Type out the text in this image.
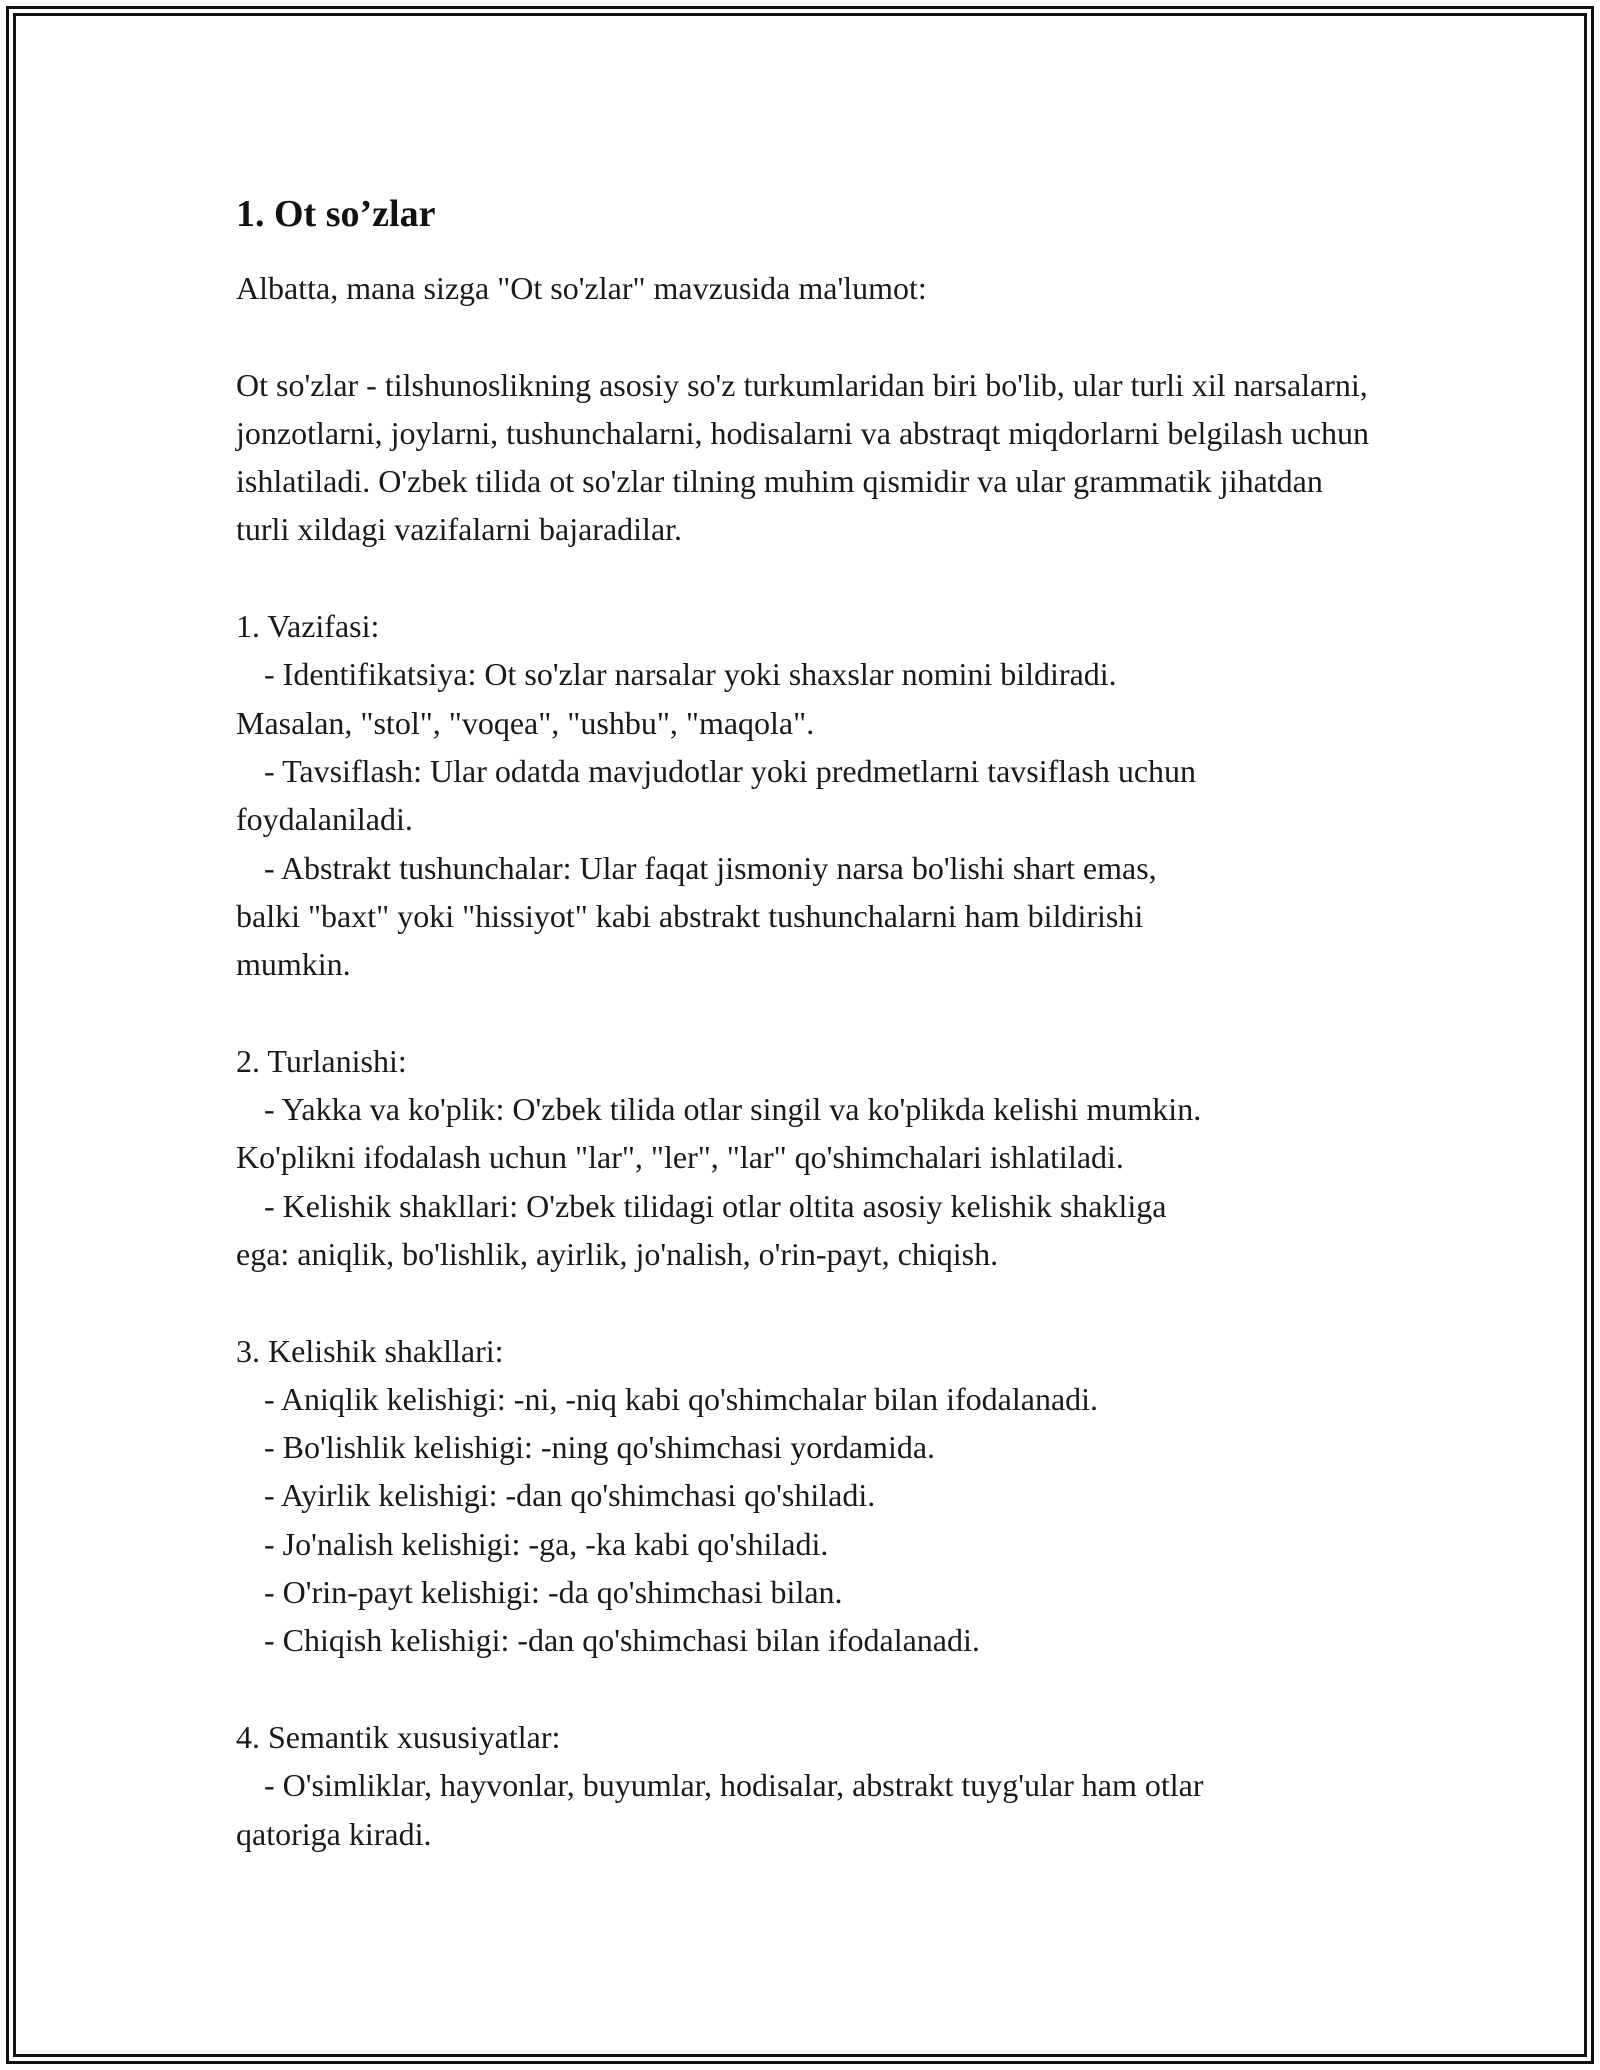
1. Ot so’zlar

Albatta, mana sizga "Ot so'zlar" mavzusida ma'lumot:

Ot so'zlar - tilshunoslikning asosiy so'z turkumlaridan biri bo'lib, ular turli xil narsalarni, jonzotlarni, joylarni, tushunchalarni, hodisalarni va abstraqt miqdorlarni belgilash uchun ishlatiladi. O'zbek tilida ot so'zlar tilning muhim qismidir va ular grammatik jihatdan turli xildagi vazifalarni bajaradilar.

1. Vazifasi:

- Identifikatsiya: Ot so'zlar narsalar yoki shaxslar nomini bildiradi.

Masalan, "stol", "voqea", "ushbu", "maqola".

- Tavsiflash: Ular odatda mavjudotlar yoki predmetlarni tavsiflash uchun

foydalaniladi.

- Abstrakt tushunchalar: Ular faqat jismoniy narsa bo'lishi shart emas,

balki "baxt" yoki "hissiyot" kabi abstrakt tushunchalarni ham bildirishi

mumkin.

2. Turlanishi:

- Yakka va ko'plik: O'zbek tilida otlar singil va ko'plikda kelishi mumkin.

Ko'plikni ifodalash uchun "lar", "ler", "lar" qo'shimchalari ishlatiladi.

- Kelishik shakllari: O'zbek tilidagi otlar oltita asosiy kelishik shakliga

ega: aniqlik, bo'lishlik, ayirlik, jo'nalish, o'rin-payt, chiqish.

3. Kelishik shakllari:

- Aniqlik kelishigi: -ni, -niq kabi qo'shimchalar bilan ifodalanadi.

- Bo'lishlik kelishigi: -ning qo'shimchasi yordamida.

- Ayirlik kelishigi: -dan qo'shimchasi qo'shiladi.

- Jo'nalish kelishigi: -ga, -ka kabi qo'shiladi.

- O'rin-payt kelishigi: -da qo'shimchasi bilan.

- Chiqish kelishigi: -dan qo'shimchasi bilan ifodalanadi.

4. Semantik xususiyatlar:

- O'simliklar, hayvonlar, buyumlar, hodisalar, abstrakt tuyg'ular ham otlar

qatoriga kiradi.
